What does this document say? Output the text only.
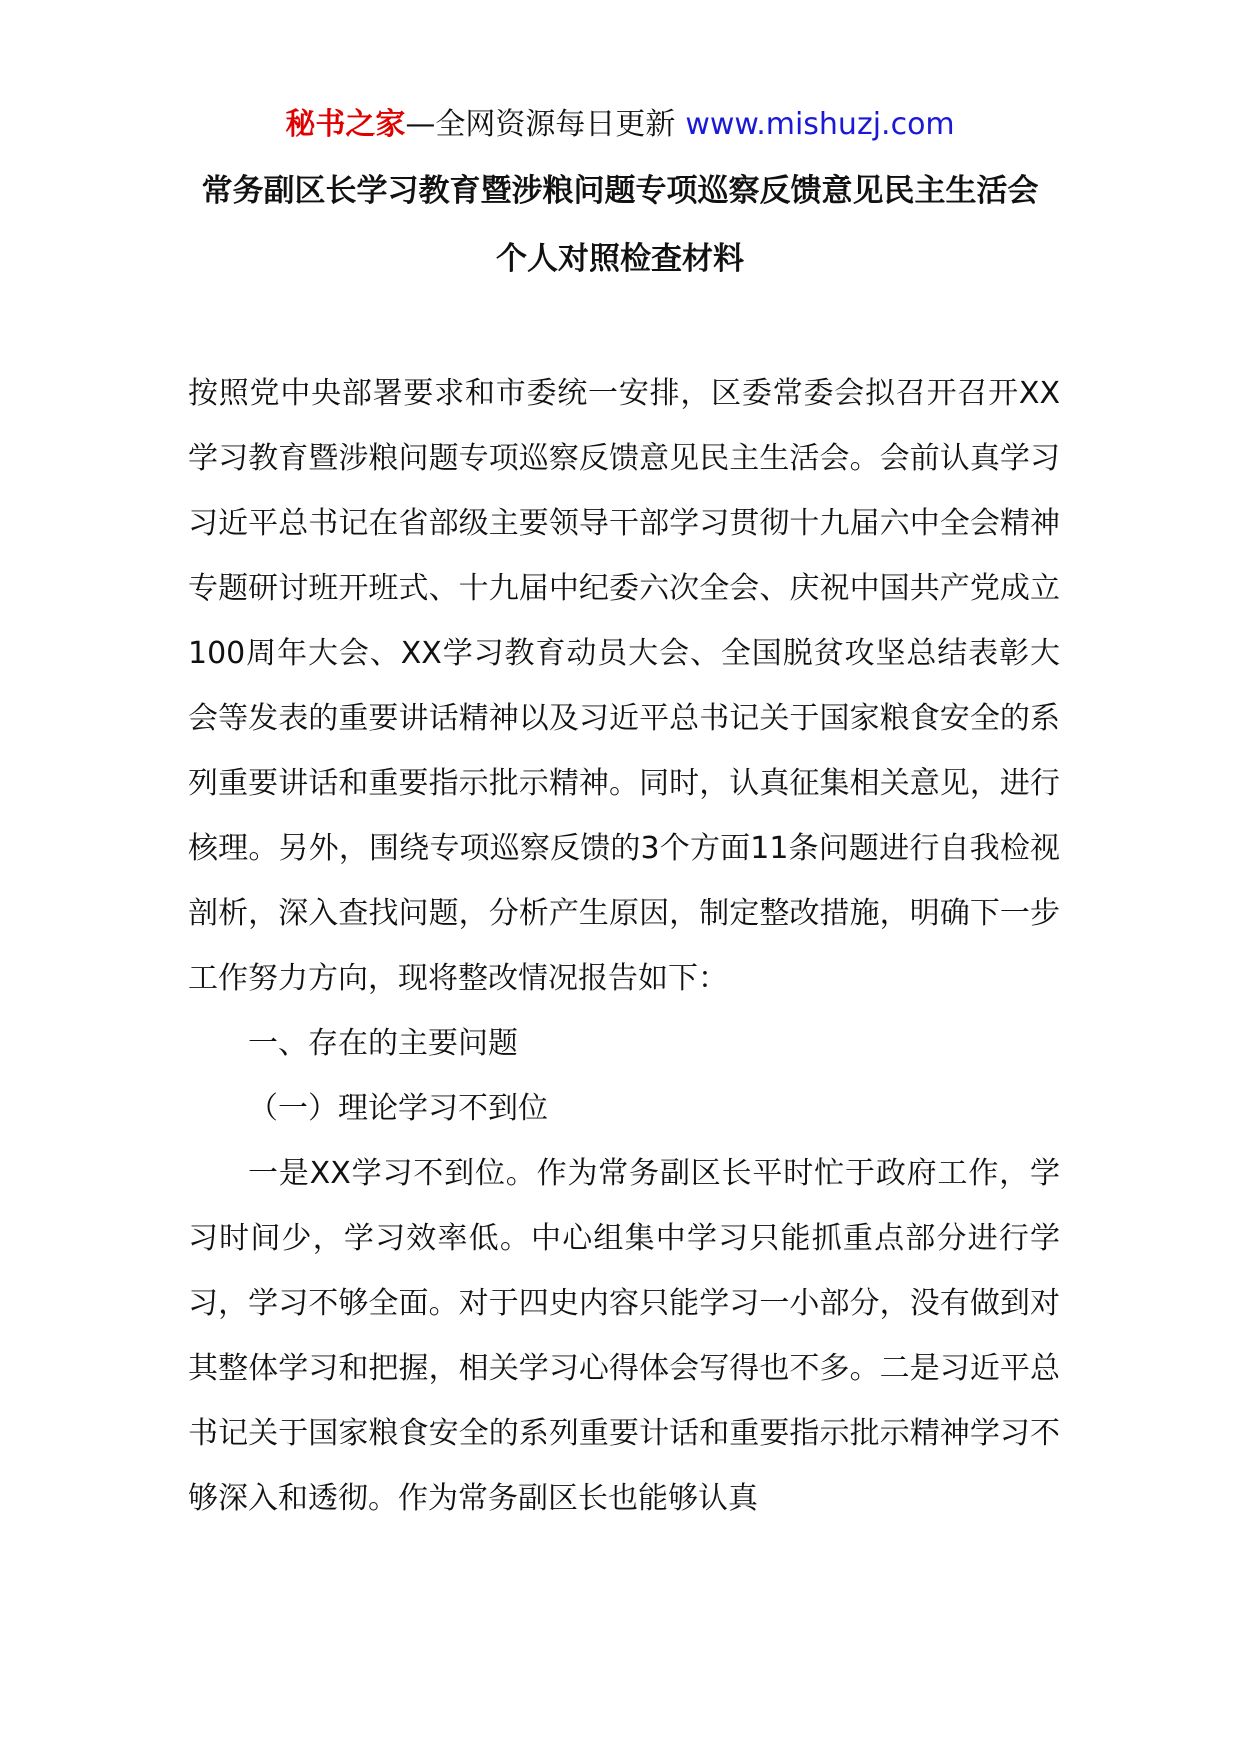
秘书之家—全网资源每日更新 www.mishuzj.com
常务副区长学习教育暨涉粮问题专项巡察反馈意见民主生活会
个人对照检查材料

按照党中央部署要求和市委统一安排，区委常委会拟召开召开XX学习教育暨涉粮问题专项巡察反馈意见民主生活会。会前认真学习习近平总书记在省部级主要领导干部学习贯彻十九届六中全会精神专题研讨班开班式、十九届中纪委六次全会、庆祝中国共产党成立100周年大会、XX学习教育动员大会、全国脱贫攻坚总结表彰大会等发表的重要讲话精神以及习近平总书记关于国家粮食安全的系列重要讲话和重要指示批示精神。同时，认真征集相关意见，进行核理。另外，围绕专项巡察反馈的3个方面11条问题进行自我检视剖析，深入查找问题，分析产生原因，制定整改措施，明确下一步工作努力方向，现将整改情况报告如下：

一、存在的主要问题

（一）理论学习不到位

一是XX学习不到位。作为常务副区长平时忙于政府工作，学习时间少，学习效率低。中心组集中学习只能抓重点部分进行学习，学习不够全面。对于四史内容只能学习一小部分，没有做到对其整体学习和把握，相关学习心得体会写得也不多。二是习近平总书记关于国家粮食安全的系列重要计话和重要指示批示精神学习不够深入和透彻。作为常务副区长也能够认真
